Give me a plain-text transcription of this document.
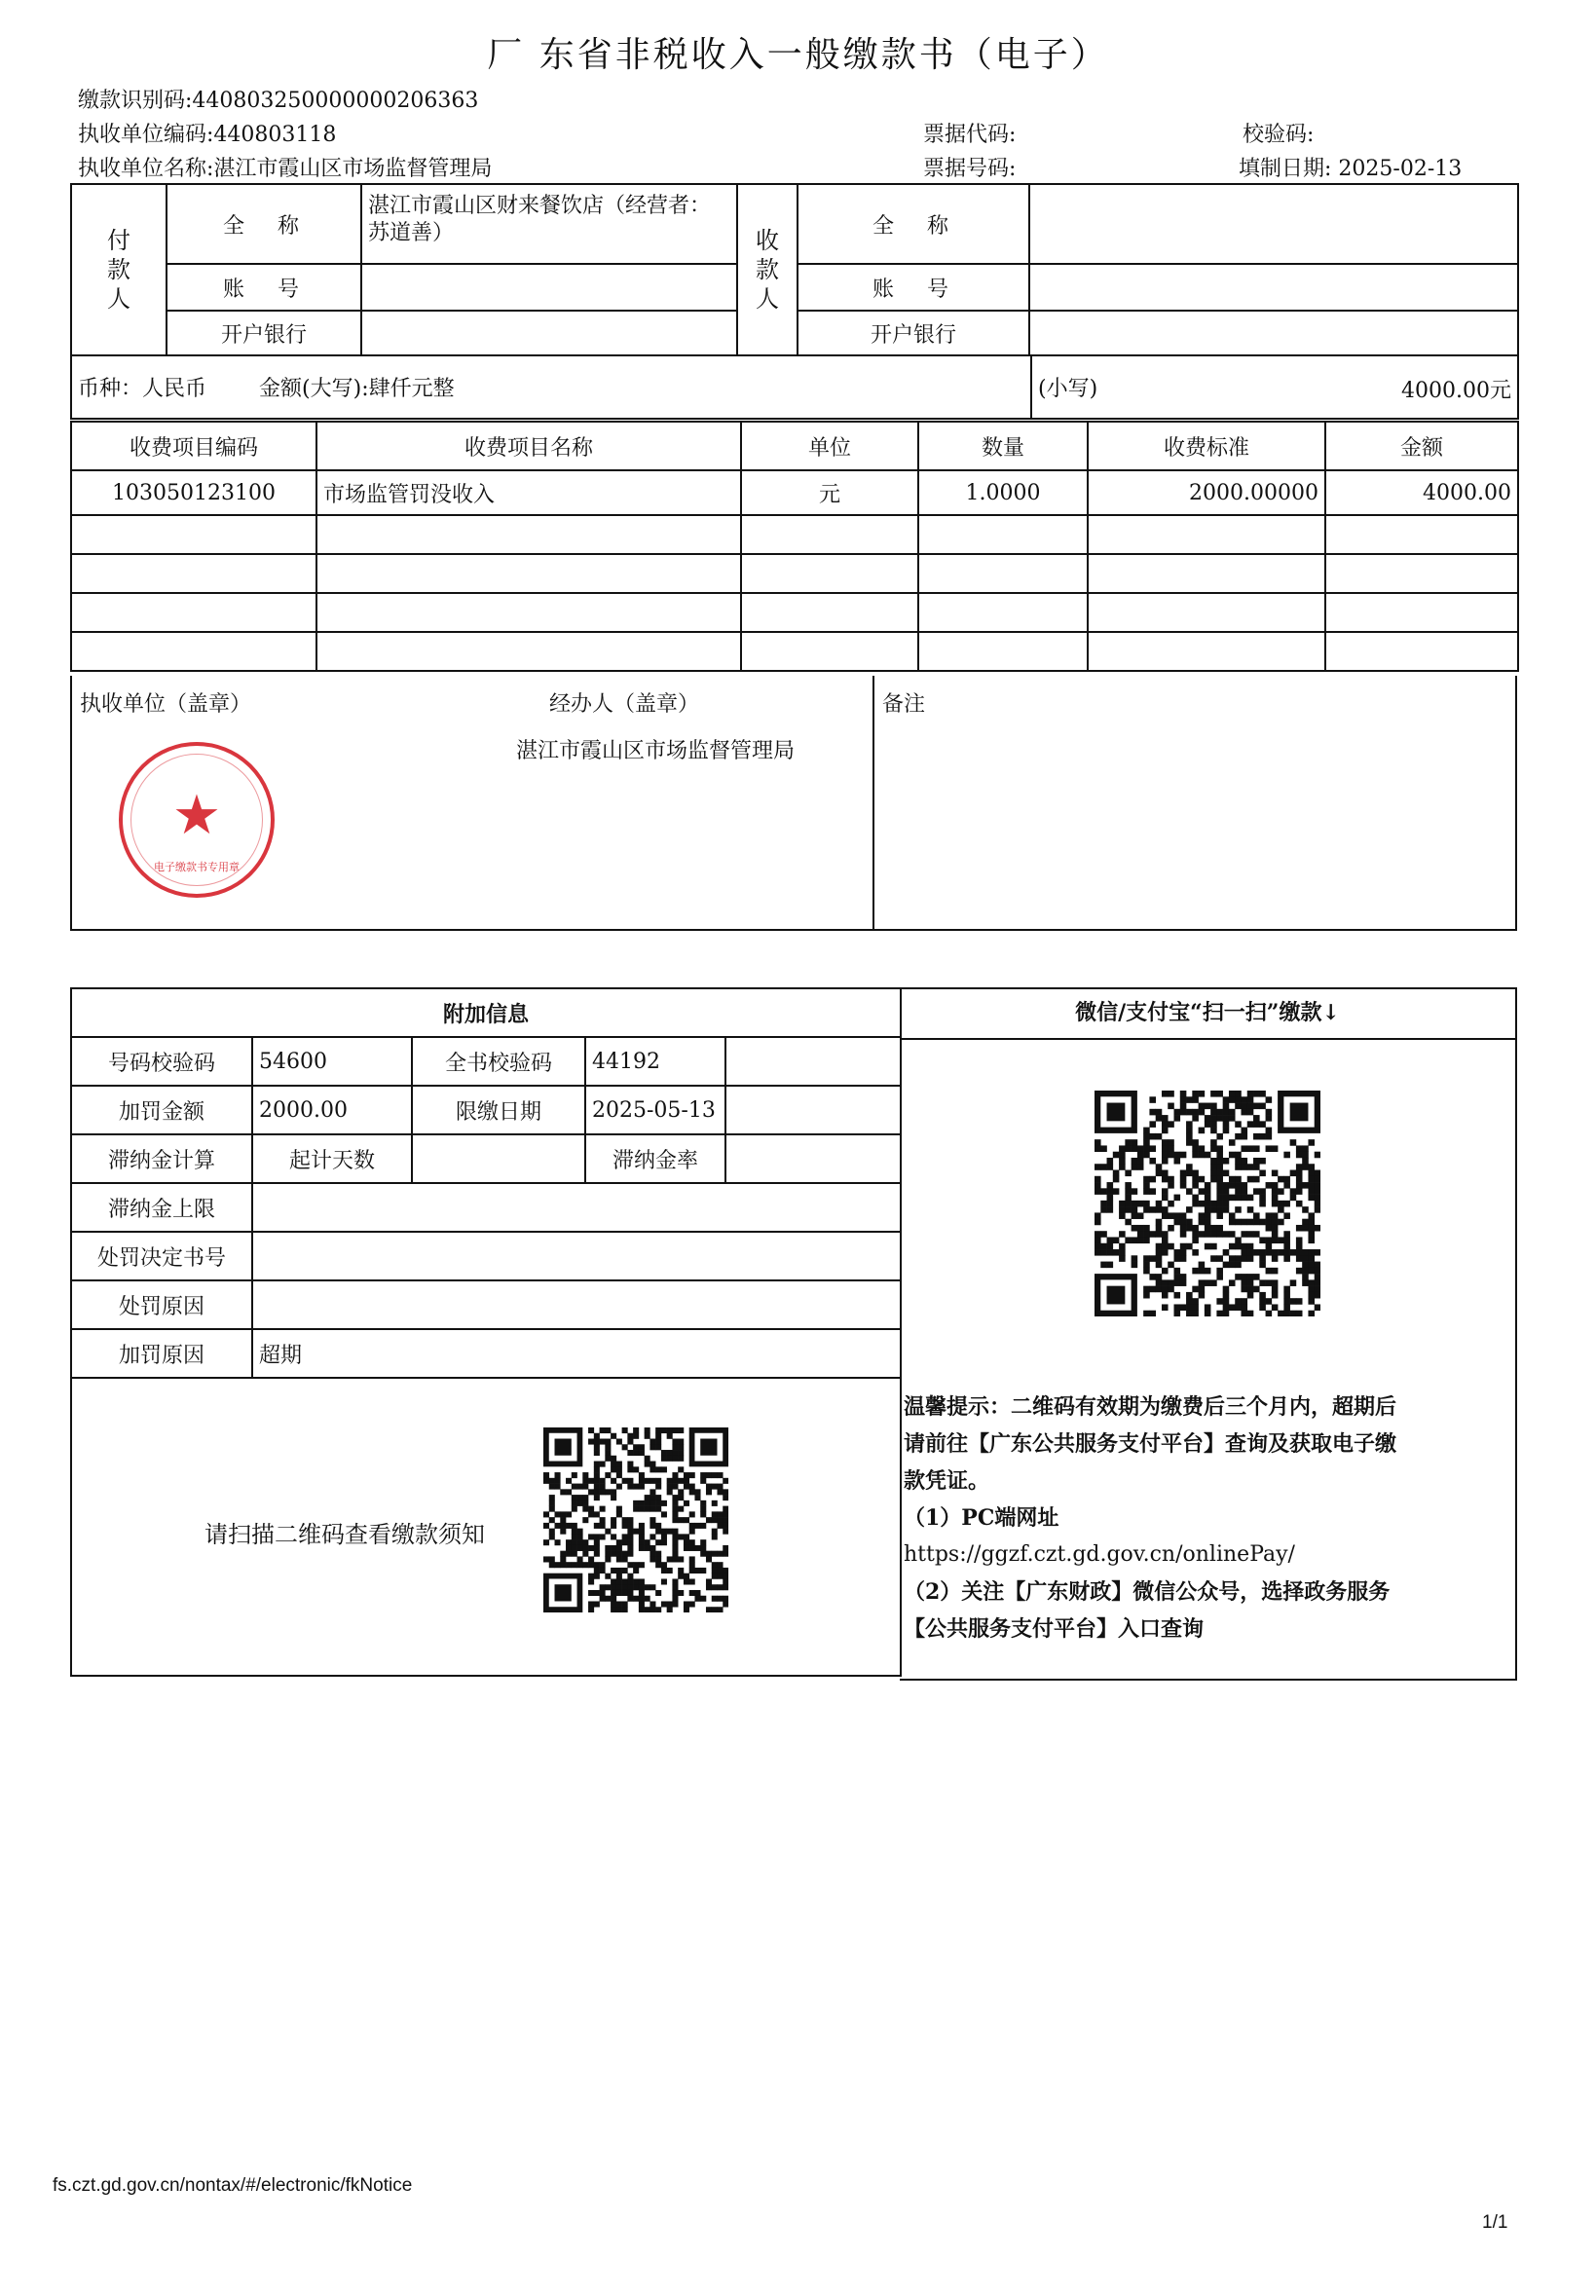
厂 东省非税收入一般缴款书（电子）
缴款识别码:440803250000000206363
执收单位编码:440803118
执收单位名称:湛江市霞山区市场监督管理局
票据代码:
票据号码:
校验码:
填制日期: 2025-02-13
付款人	全　称	湛江市霞山区财来餐饮店（经营者：苏道善）	收款人	全　称	
	账　号			账　号	
	开户银行			开户银行	
币种：人民币 金额(大写):肆仟元整	(小写)	4000.00元
收费项目编码	收费项目名称	单位	数量	收费标准	金额
103050123100	市场监管罚没收入	元	1.0000	2000.00000	4000.00

执收单位（盖章）	经办人（盖章）
湛江市霞山区市场监督管理局
备注
★
电子缴款书专用章
附加信息				
号码校验码	54600	全书校验码	44192	
加罚金额	2000.00	限缴日期	2025-05-13	
滞纳金计算	起计天数		滞纳金率	
滞纳金上限				
处罚决定书号				
处罚原因				
加罚原因	超期			

请扫描二维码查看缴款须知				
微信/支付宝“扫一扫”缴款↓
温馨提示：二维码有效期为缴费后三个月内，超期后
请前往【广东公共服务支付平台】查询及获取电子缴
款凭证。
（1）PC端网址
https://ggzf.czt.gd.gov.cn/onlinePay/
（2）关注【广东财政】微信公众号，选择政务服务
【公共服务支付平台】入口查询
fs.czt.gd.gov.cn/nontax/#/electronic/fkNotice
1/1
